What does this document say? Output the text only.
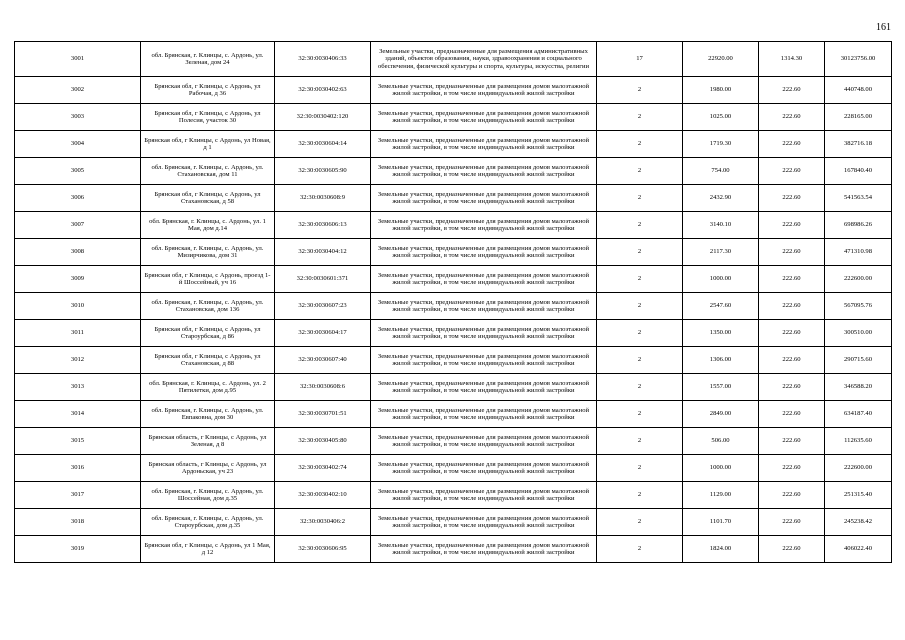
161
3001	обл. Брянская, г. Клинцы, с. Ардонь, ул. Зеленая, дом 24	32:30:0030406:33	Земельные участки, предназначенные для размещения административных зданий, объектов образования, науки, здравоохранения и социального обеспечения, физической культуры и спорта, культуры, искусства, религии	17	22920.00	1314.30	30123756.00
3002	Брянская обл, г Клинцы, с Ардонь, ул Рабочая, д 36	32:30:0030402:63	Земельные участки, предназначенные для размещения домов малоэтажной жилой застройки, в том числе индивидуальной жилой застройки	2	1980.00	222.60	440748.00
3003	Брянская обл, г Клинцы, с Ардонь, ул Полесия, участок 30	32:30:0030402:120	Земельные участки, предназначенные для размещения домов малоэтажной жилой застройки, в том числе индивидуальной жилой застройки	2	1025.00	222.60	228165.00
3004	Брянская обл, г Клинцы, с Ардонь, ул Новая, д 1	32:30:0030604:14	Земельные участки, предназначенные для размещения домов малоэтажной жилой застройки, в том числе индивидуальной жилой застройки	2	1719.30	222.60	382716.18
3005	обл. Брянская, г. Клинцы, с. Ардонь, ул. Стахановская, дом 11	32:30:0030605:90	Земельные участки, предназначенные для размещения домов малоэтажной жилой застройки, в том числе индивидуальной жилой застройки	2	754.00	222.60	167840.40
3006	Брянская обл, г Клинцы, с Ардонь, ул Стахановская, д 58	32:30:0030608:9	Земельные участки, предназначенные для размещения домов малоэтажной жилой застройки, в том числе индивидуальной жилой застройки	2	2432.90	222.60	541563.54
3007	обл. Брянская, г. Клинцы, с. Ардонь, ул. 1 Мая, дом д.14	32:30:0030606:13	Земельные участки, предназначенные для размещения домов малоэтажной жилой застройки, в том числе индивидуальной жилой застройки	2	3140.10	222.60	698986.26
3008	обл. Брянская, г. Клинцы, с. Ардонь, ул. Мизирчикова, дом 31	32:30:0030404:12	Земельные участки, предназначенные для размещения домов малоэтажной жилой застройки, в том числе индивидуальной жилой застройки	2	2117.30	222.60	471310.98
3009	Брянская обл, г Клинцы, с Ардонь, проезд 1-й Шоссейный, уч 16	32:30:0030601:371	Земельные участки, предназначенные для размещения домов малоэтажной жилой застройки, в том числе индивидуальной жилой застройки	2	1000.00	222.60	222600.00
3010	обл. Брянская, г. Клинцы, с. Ардонь, ул. Стахановская, дом 136	32:30:0030607:23	Земельные участки, предназначенные для размещения домов малоэтажной жилой застройки, в том числе индивидуальной жилой застройки	2	2547.60	222.60	567095.76
3011	Брянская обл, г Клинцы, с Ардонь, ул Староурбская, д 86	32:30:0030604:17	Земельные участки, предназначенные для размещения домов малоэтажной жилой застройки, в том числе индивидуальной жилой застройки	2	1350.00	222.60	300510.00
3012	Брянская обл, г Клинцы, с Ардонь, ул Стахановская, д 88	32:30:0030607:40	Земельные участки, предназначенные для размещения домов малоэтажной жилой застройки, в том числе индивидуальной жилой застройки	2	1306.00	222.60	290715.60
3013	обл. Брянская, г. Клинцы, с. Ардонь, ул. 2 Пятилетки, дом д.95	32:30:0030608:6	Земельные участки, предназначенные для размещения домов малоэтажной жилой застройки, в том числе индивидуальной жилой застройки	2	1557.00	222.60	346588.20
3014	обл. Брянская, г. Клинцы, с. Ардонь, ул. Евпаковна, дом 30	32:30:0030701:51	Земельные участки, предназначенные для размещения домов малоэтажной жилой застройки, в том числе индивидуальной жилой застройки	2	2849.00	222.60	634187.40
3015	Брянская область, г Клинцы, с Ардонь, ул Зеленая, д 8	32:30:0030405:80	Земельные участки, предназначенные для размещения домов малоэтажной жилой застройки, в том числе индивидуальной жилой застройки	2	506.00	222.60	112635.60
3016	Брянская область, г Клинцы, с Ардонь, ул Ардоньская, уч 23	32:30:0030402:74	Земельные участки, предназначенные для размещения домов малоэтажной жилой застройки, в том числе индивидуальной жилой застройки	2	1000.00	222.60	222600.00
3017	обл. Брянская, г. Клинцы, с. Ардонь, ул. Шоссейная, дом д.35	32:30:0030402:10	Земельные участки, предназначенные для размещения домов малоэтажной жилой застройки, в том числе индивидуальной жилой застройки	2	1129.00	222.60	251315.40
3018	обл. Брянская, г. Клинцы, с. Ардонь, ул. Староурбская, дом д.35	32:30:0030406:2	Земельные участки, предназначенные для размещения домов малоэтажной жилой застройки, в том числе индивидуальной жилой застройки	2	1101.70	222.60	245238.42
3019	Брянская обл, г Клинцы, с Ардонь, ул 1 Мая, д 12	32:30:0030606:95	Земельные участки, предназначенные для размещения домов малоэтажной жилой застройки, в том числе индивидуальной жилой застройки	2	1824.00	222.60	406022.40
